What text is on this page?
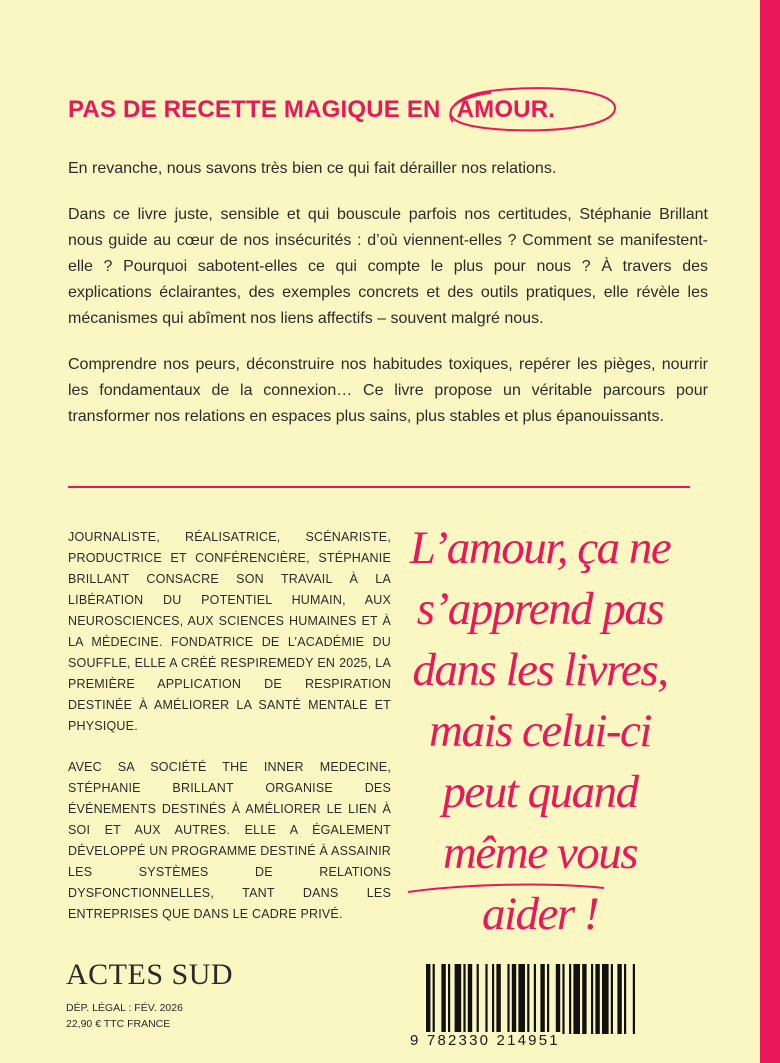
PAS DE RECETTE MAGIQUE EN AMOUR.

En revanche, nous savons très bien ce qui fait dérailler nos relations.

Dans ce livre juste, sensible et qui bouscule parfois nos certitudes, Stéphanie Brillant nous guide au cœur de nos insécurités : d’où viennent-elles ? Comment se manifestent-elle ? Pourquoi sabotent-elles ce qui compte le plus pour nous ? À travers des explications éclairantes, des exemples concrets et des outils pratiques, elle révèle les mécanismes qui abîment nos liens affectifs – souvent malgré nous.

Comprendre nos peurs, déconstruire nos habitudes toxiques, repérer les pièges, nourrir les fondamentaux de la connexion… Ce livre propose un véritable parcours pour transformer nos relations en espaces plus sains, plus stables et plus épanouissants.

JOURNALISTE, RÉALISATRICE, SCÉNARISTE, PRODUCTRICE ET CONFÉRENCIÈRE, STÉPHANIE BRILLANT CONSACRE SON TRAVAIL À LA LIBÉRATION DU POTENTIEL HUMAIN, AUX NEUROSCIENCES, AUX SCIENCES HUMAINES ET À LA MÉDECINE. FONDATRICE DE L’ACADÉMIE DU SOUFFLE, ELLE A CRÉÉ RESPIREMEDY EN 2025, LA PREMIÈRE APPLICATION DE RESPIRATION DESTINÉE À AMÉLIORER LA SANTÉ MENTALE ET PHYSIQUE.

AVEC SA SOCIÉTÉ THE INNER MEDECINE, STÉPHANIE BRILLANT ORGANISE DES ÉVÉNEMENTS DESTINÉS À AMÉLIORER LE LIEN À SOI ET AUX AUTRES. ELLE A ÉGALEMENT DÉVELOPPÉ UN PROGRAMME DESTINÉ À ASSAINIR LES SYSTÈMES DE RELATIONS DYSFONCTIONNELLES, TANT DANS LES ENTREPRISES QUE DANS LE CADRE PRIVÉ.

L’amour, ça ne s’apprend pas dans les livres, mais celui-ci peut quand même vous aider !
ACTES SUD
DÉP. LÉGAL : FÉV. 2026
22,90 € TTC FRANCE
9 782330 214951
